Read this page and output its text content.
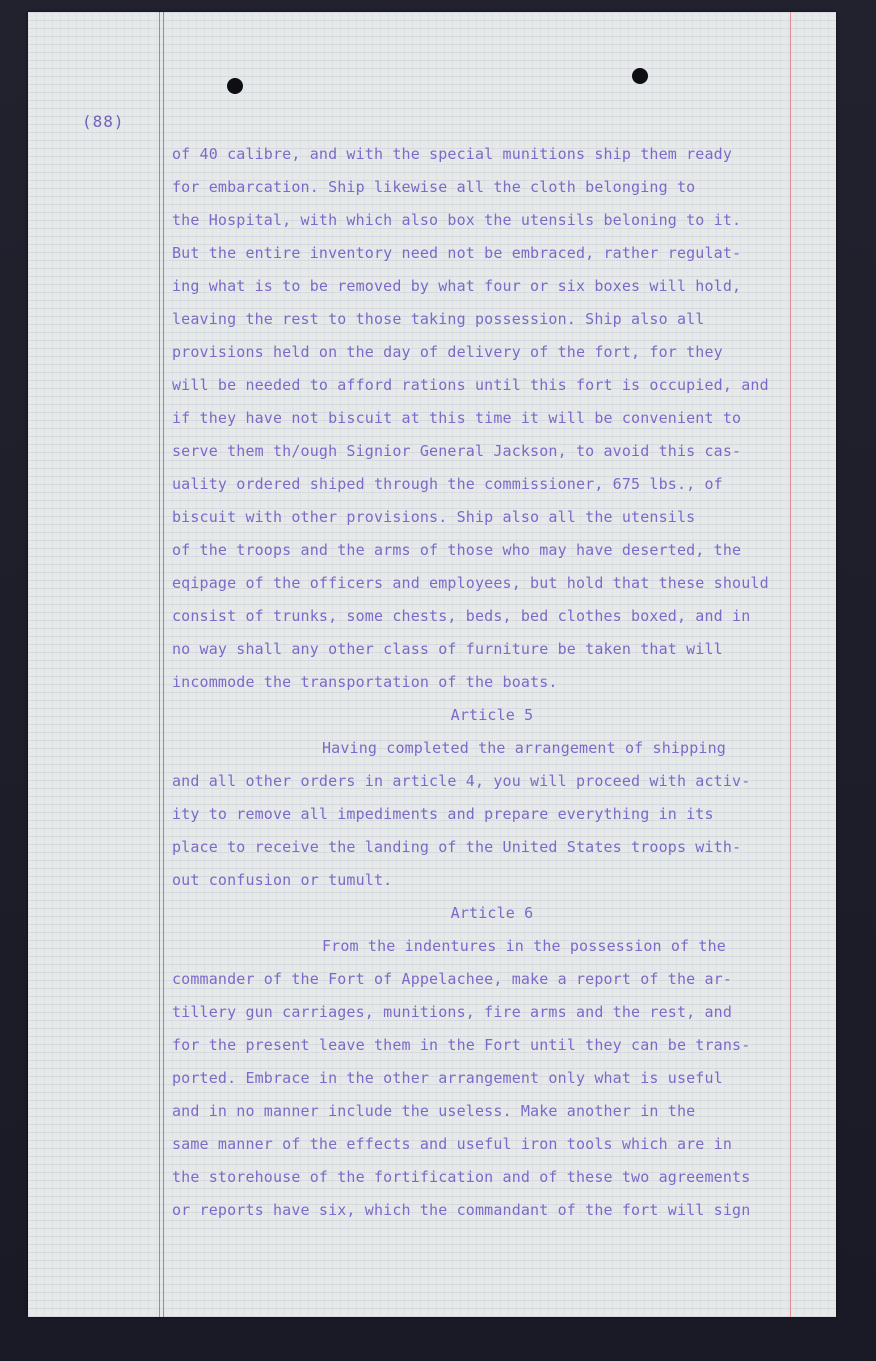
(88)
of 40 calibre, and with the special munitions ship them ready
for embarcation. Ship likewise all the cloth belonging to
the Hospital, with which also box the utensils beloning to it.
But the entire inventory need not be embraced, rather regulat-
ing what is to be removed by what four or six boxes will hold,
leaving the rest to those taking possession. Ship also all
provisions held on the day of delivery of the fort, for they
will be needed to afford rations until this fort is occupied, and
if they have not biscuit at this time it will be convenient to
serve them th/ough Signior General Jackson, to avoid this cas-
uality ordered shiped through the commissioner, 675 lbs., of
biscuit with other provisions. Ship also all the utensils
of the troops and the arms of those who may have deserted, the
eqipage of the officers and employees, but hold that these should
consist of trunks, some chests, beds, bed clothes boxed, and in
no way shall any other class of furniture be taken that will
incommode the transportation of the boats.
Article 5
Having completed the arrangement of shipping
and all other orders in article 4, you will proceed with activ-
ity to remove all impediments and prepare everything in its
place to receive the landing of the United States troops with-
out confusion or tumult.
Article 6
From the indentures in the possession of the
commander of the Fort of Appelachee, make a report of the ar-
tillery gun carriages, munitions, fire arms and the rest, and
for the present leave them in the Fort until they can be trans-
ported. Embrace in the other arrangement only what is useful
and in no manner include the useless. Make another in the
same manner of the effects and useful iron tools which are in
the storehouse of the fortification and of these two agreements
or reports have six, which the commandant of the fort will sign
